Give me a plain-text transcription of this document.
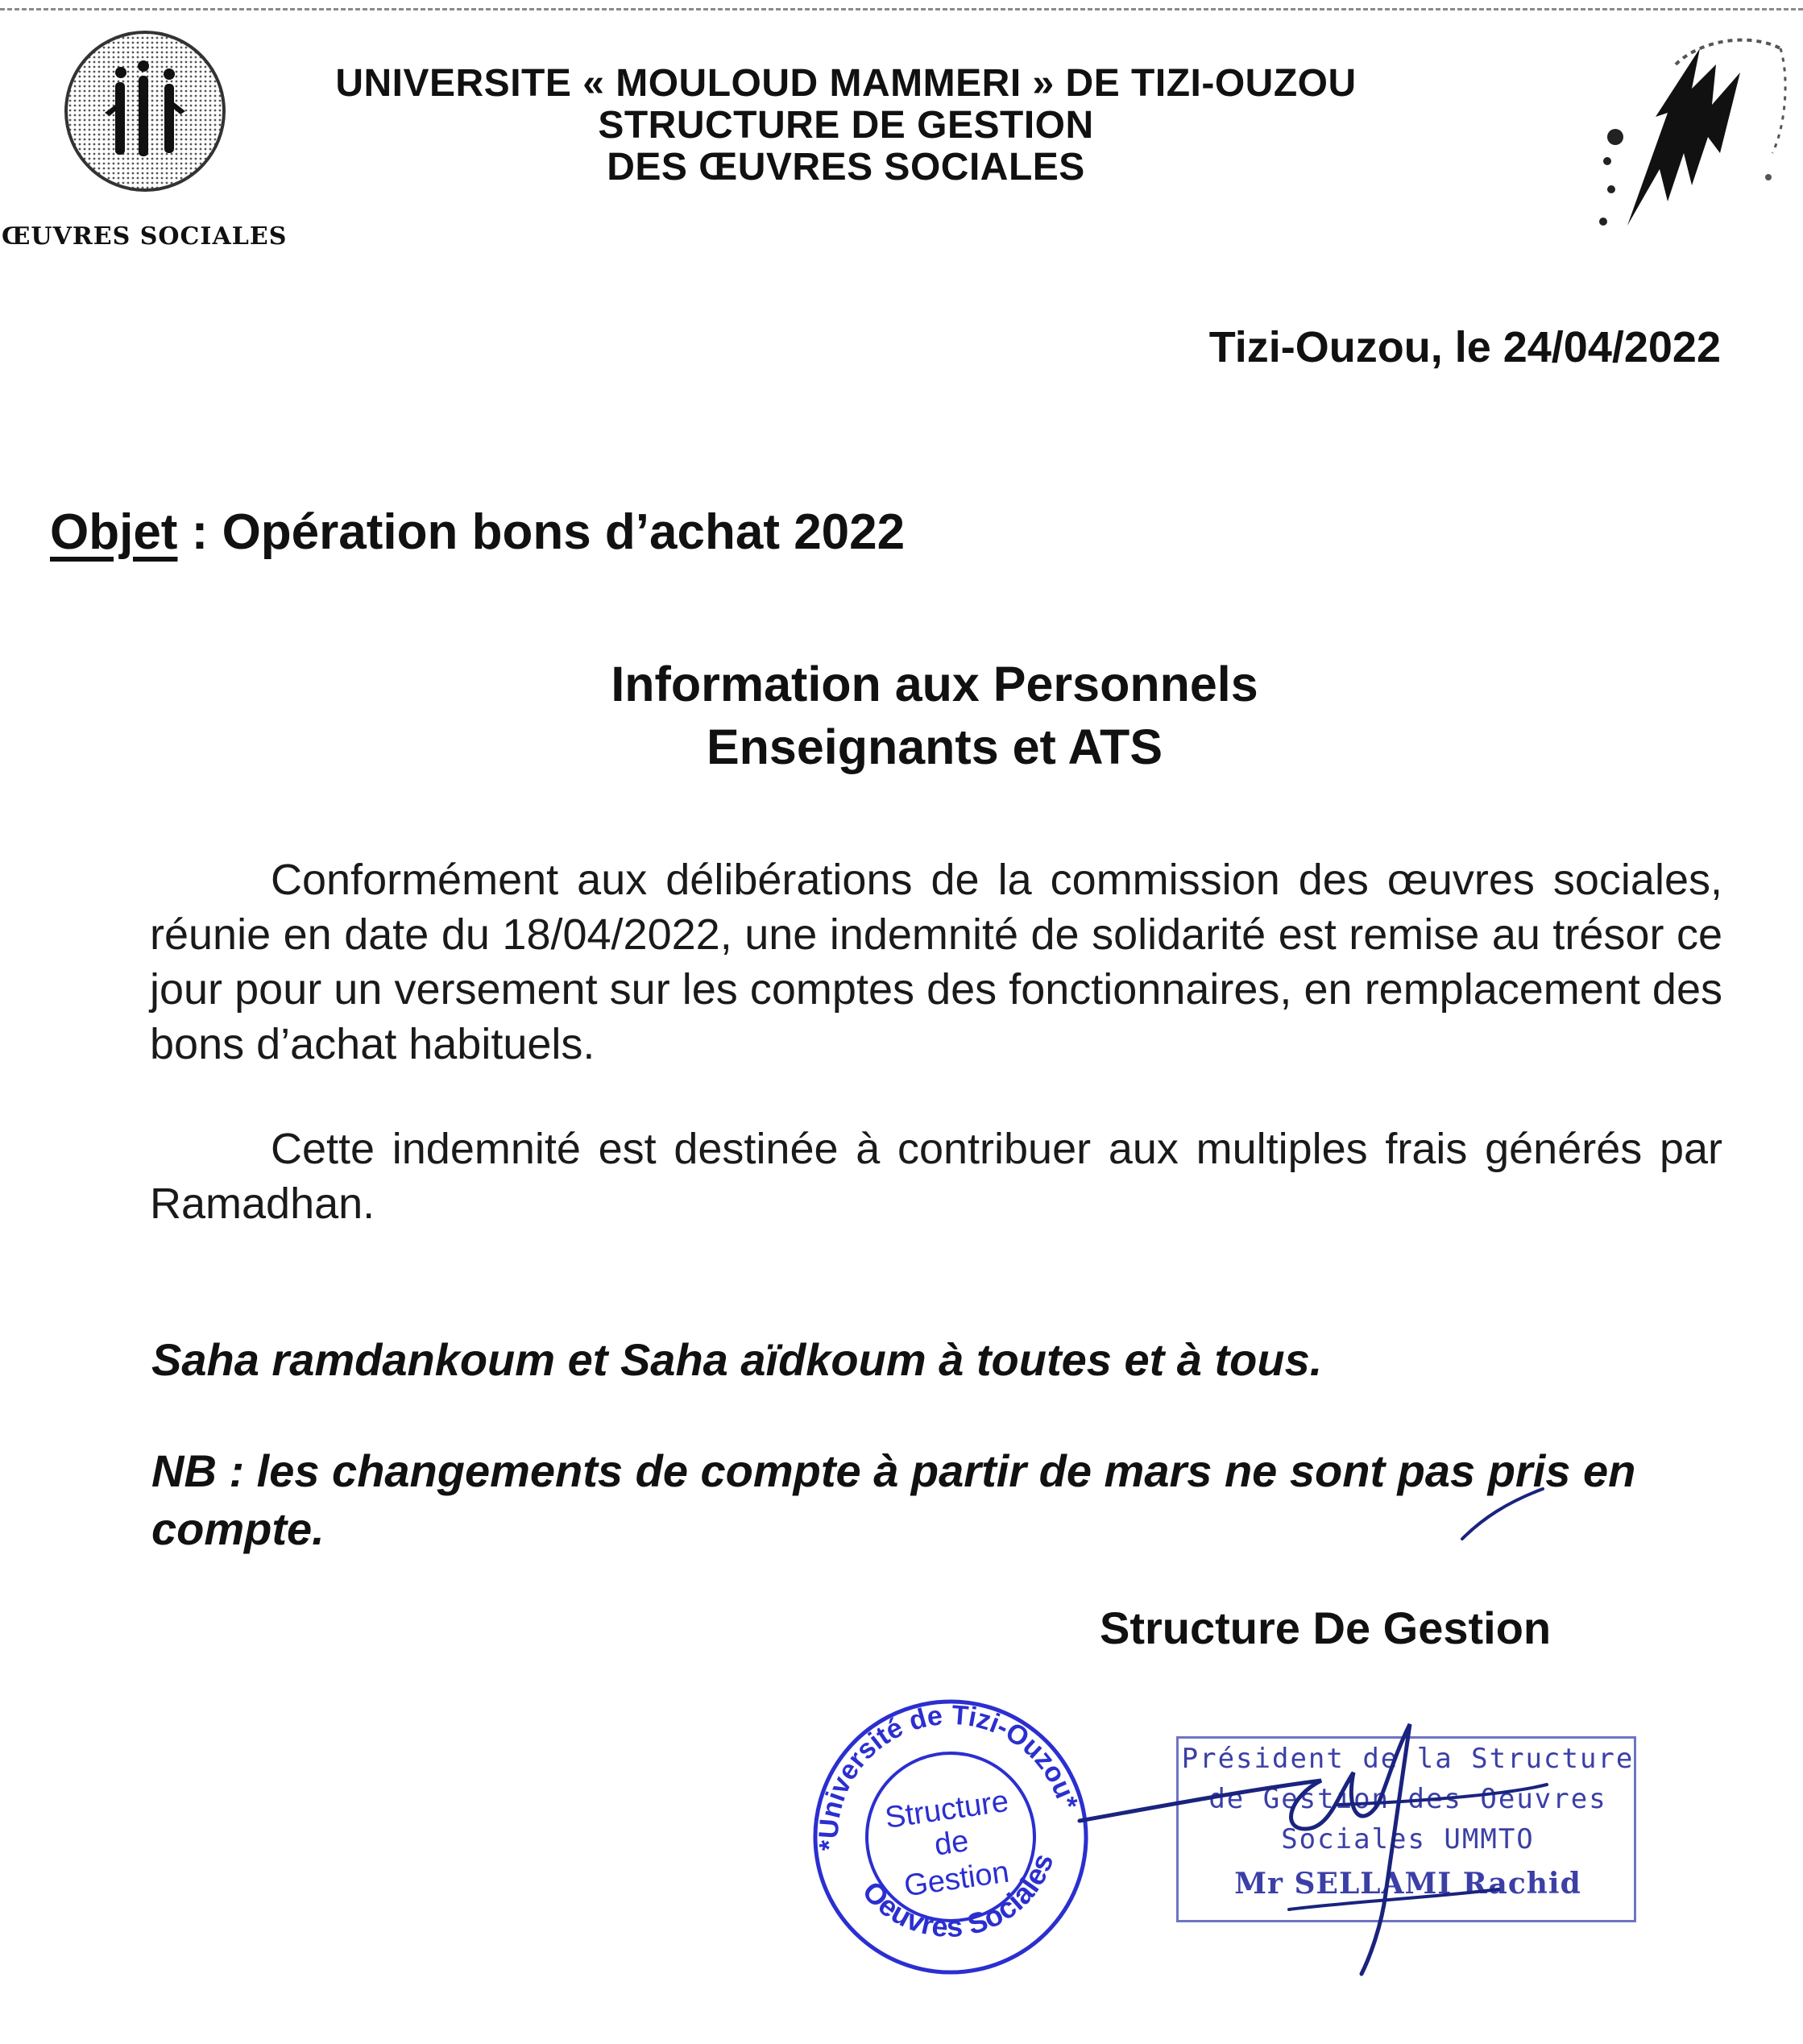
ŒUVRES SOCIALES
UNIVERSITE « MOULOUD MAMMERI » DE TIZI-OUZOU
STRUCTURE DE GESTION
DES ŒUVRES SOCIALES
Tizi-Ouzou, le 24/04/2022
Objet : Opération bons d’achat 2022
Information aux Personnels
Enseignants et ATS
Conformément aux délibérations de la commission des œuvres sociales, réunie en date du 18/04/2022, une indemnité de solidarité est remise au trésor ce jour pour un versement sur les comptes des fonctionnaires, en remplacement des bons d’achat habituels.
Cette indemnité est destinée à contribuer aux multiples frais générés par Ramadhan.
Saha ramdankoum et Saha aïdkoum à toutes et à tous.
NB : les changements de compte à partir de mars ne sont pas pris en compte.
Structure De Gestion
*Université de Tizi-Ouzou*
Oeuvres Sociales
Structure
de
Gestion
Président de la Structure
de Gestion des Oeuvres
Sociales UMMTO
Mr SELLAMI Rachid
